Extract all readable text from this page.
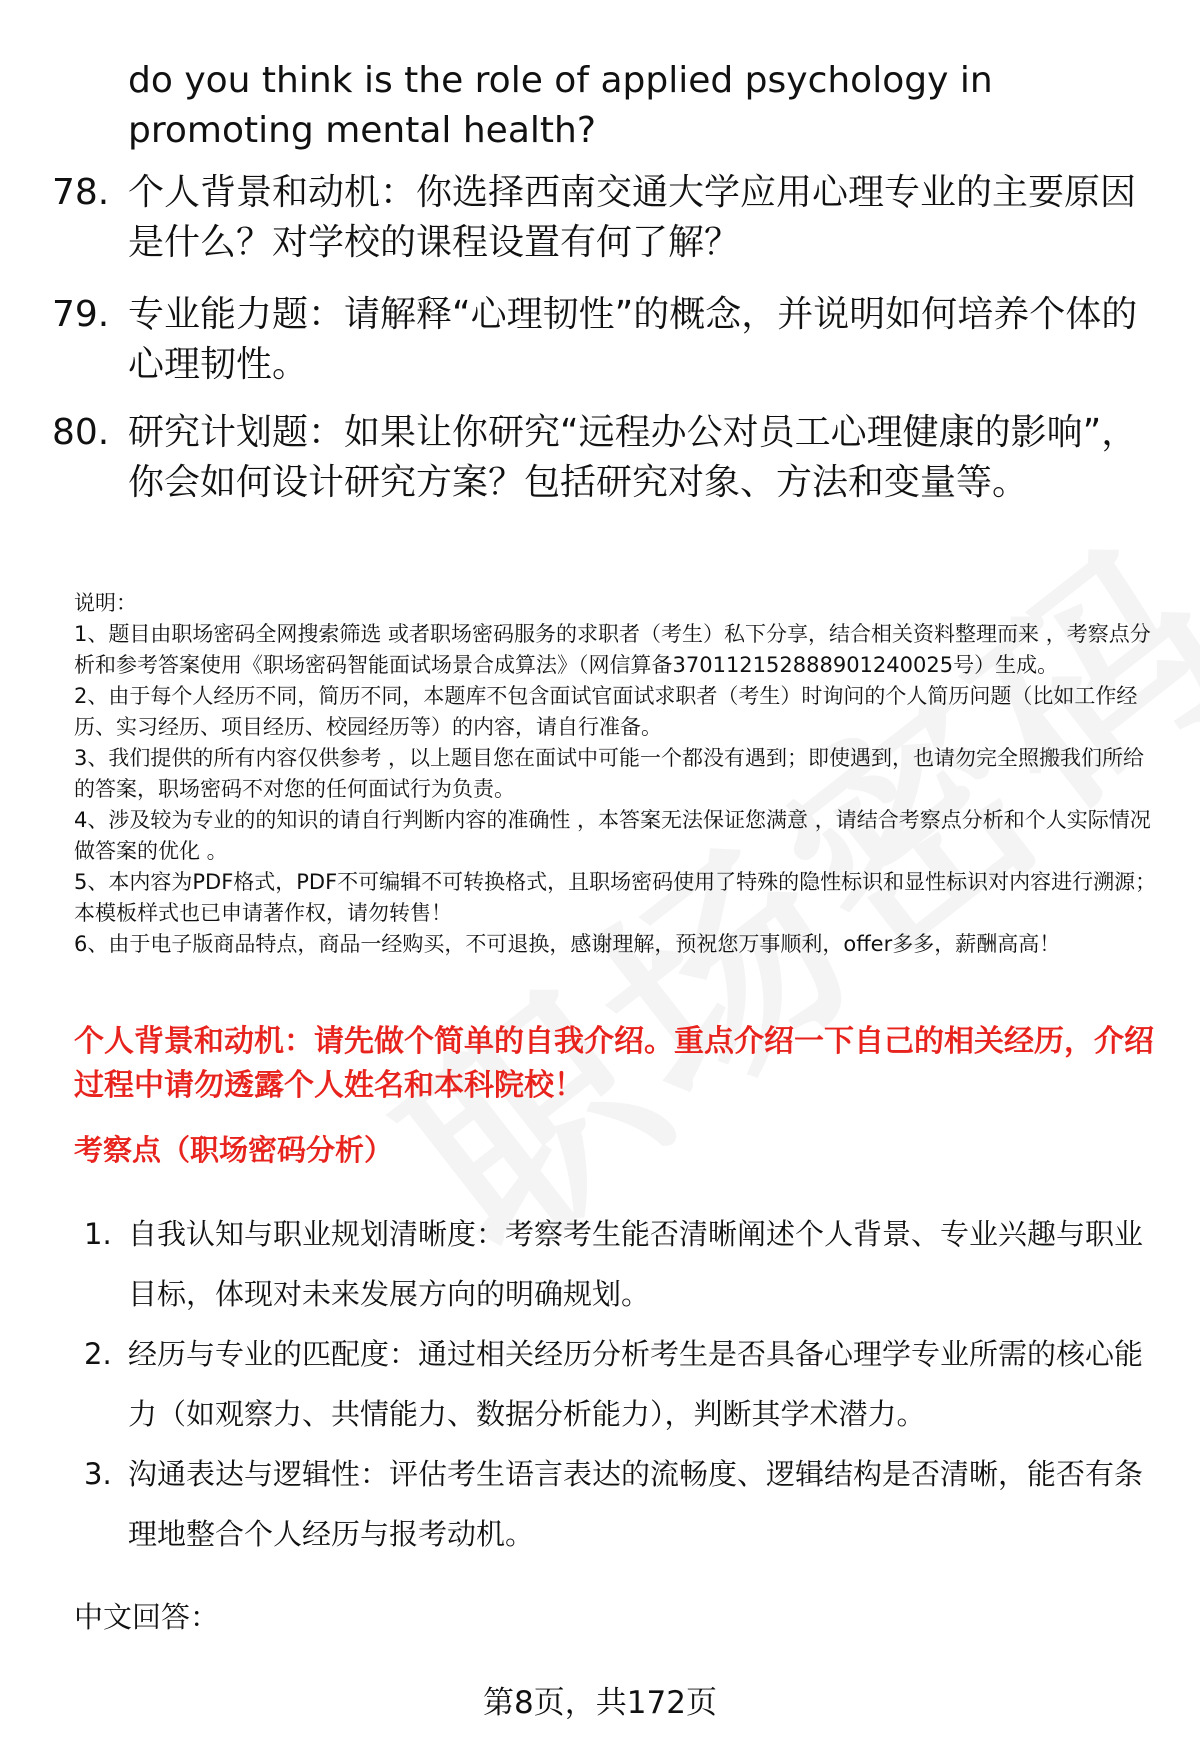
do you think is the role of applied psychology in promoting mental health?

78. 个人背景和动机：你选择西南交通大学应用心理专业的主要原因是什么？对学校的课程设置有何了解？
79. 专业能力题：请解释“心理韧性”的概念，并说明如何培养个体的心理韧性。
80. 研究计划题：如果让你研究“远程办公对员工心理健康的影响”，你会如何设计研究方案？包括研究对象、方法和变量等。

说明：

1、题目由职场密码全网搜索筛选 或者职场密码服务的求职者（考生）私下分享，结合相关资料整理而来 ，考察点分析和参考答案使用《职场密码智能面试场景合成算法》（网信算备370112152888901240025号）生成。

2、由于每个人经历不同，简历不同，本题库不包含面试官面试求职者（考生）时询问的个人简历问题（比如工作经历、实习经历、项目经历、校园经历等）的内容，请自行准备。

3、我们提供的所有内容仅供参考 ，以上题目您在面试中可能一个都没有遇到；即使遇到，也请勿完全照搬我们所给的答案，职场密码不对您的任何面试行为负责。

4、涉及较为专业的的知识的请自行判断内容的准确性 ，本答案无法保证您满意 ，请结合考察点分析和个人实际情况做答案的优化 。

5、本内容为PDF格式，PDF不可编辑不可转换格式，且职场密码使用了特殊的隐性标识和显性标识对内容进行溯源；本模板样式也已申请著作权，请勿转售！

6、由于电子版商品特点，商品一经购买，不可退换，感谢理解，预祝您万事顺利，offer多多，薪酬高高！

个人背景和动机：请先做个简单的自我介绍。重点介绍一下自己的相关经历，介绍过程中请勿透露个人姓名和本科院校！

考察点（职场密码分析）

1. 自我认知与职业规划清晰度：考察考生能否清晰阐述个人背景、专业兴趣与职业目标，体现对未来发展方向的明确规划。
2. 经历与专业的匹配度：通过相关经历分析考生是否具备心理学专业所需的核心能力（如观察力、共情能力、数据分析能力），判断其学术潜力。
3. 沟通表达与逻辑性：评估考生语言表达的流畅度、逻辑结构是否清晰，能否有条理地整合个人经历与报考动机。

中文回答：

第8页，共172页
